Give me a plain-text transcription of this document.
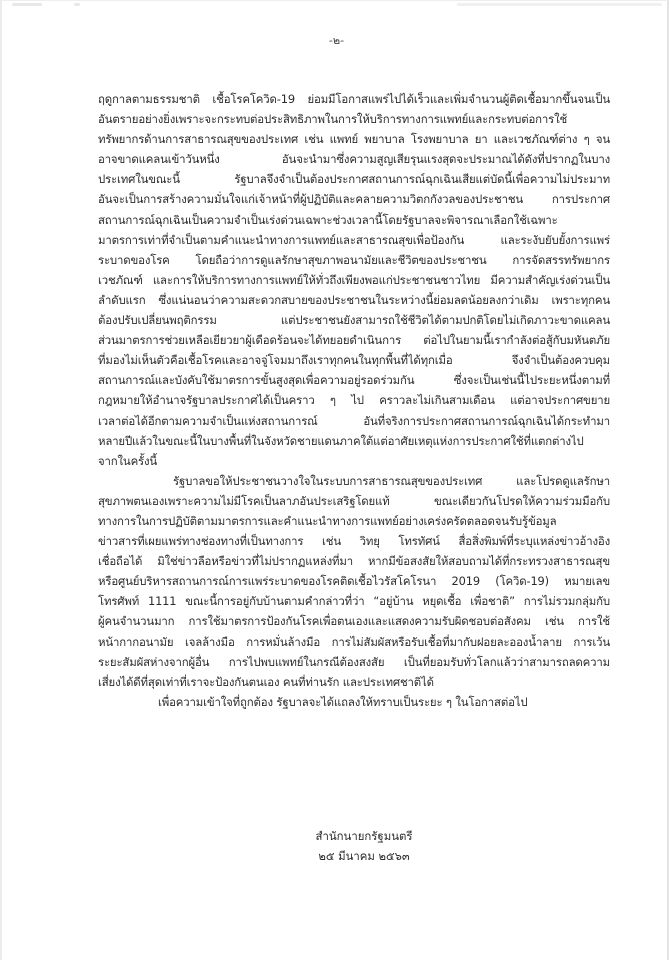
-๒-
ฤดูกาลตามธรรมชาติ เชื้อโรคโควิด-19 ย่อมมีโอกาสแพร่ไปได้เร็วและเพิ่มจำนวนผู้ติดเชื้อมากขึ้นจนเป็น
อันตรายอย่างยิ่งเพราะจะกระทบต่อประสิทธิภาพในการให้บริการทางการแพทย์และกระทบต่อการใช้
ทรัพยากรด้านการสาธารณสุขของประเทศ เช่น แพทย์ พยาบาล โรงพยาบาล ยา และเวชภัณฑ์ต่าง ๆ จน
อาจขาดแคลนเข้าวันหนึ่ง อันจะนำมาซึ่งความสูญเสียรุนแรงสุดจะประมาณได้ดังที่ปรากฏในบาง
ประเทศในขณะนี้ รัฐบาลจึงจำเป็นต้องประกาศสถานการณ์ฉุกเฉินเสียแต่บัดนี้เพื่อความไม่ประมาท
อันจะเป็นการสร้างความมั่นใจแก่เจ้าหน้าที่ผู้ปฏิบัติและคลายความวิตกกังวลของประชาชน การประกาศ
สถานการณ์ฉุกเฉินเป็นความจำเป็นเร่งด่วนเฉพาะช่วงเวลานี้โดยรัฐบาลจะพิจารณาเลือกใช้เฉพาะ
มาตรการเท่าที่จำเป็นตามคำแนะนำทางการแพทย์และสาธารณสุขเพื่อป้องกัน และระงับยับยั้งการแพร่
ระบาดของโรค โดยถือว่าการดูแลรักษาสุขภาพอนามัยและชีวิตของประชาชน การจัดสรรทรัพยากร
เวชภัณฑ์ และการให้บริการทางการแพทย์ให้ทั่วถึงเพียงพอแก่ประชาชนชาวไทย มีความสำคัญเร่งด่วนเป็น
ลำดับแรก ซึ่งแน่นอนว่าความสะดวกสบายของประชาชนในระหว่างนี้ย่อมลดน้อยลงกว่าเดิม เพราะทุกคน
ต้องปรับเปลี่ยนพฤติกรรม แต่ประชาชนยังสามารถใช้ชีวิตได้ตามปกติโดยไม่เกิดภาวะขาดแคลน
ส่วนมาตรการช่วยเหลือเยียวยาผู้เดือดร้อนจะได้ทยอยดำเนินการ ต่อไปในยามนี้เรากำลังต่อสู้กับมหันตภัย
ที่มองไม่เห็นตัวคือเชื้อโรคและอาจจู่โจมมาถึงเราทุกคนในทุกพื้นที่ได้ทุกเมื่อ จึงจำเป็นต้องควบคุม
สถานการณ์และบังคับใช้มาตรการขั้นสูงสุดเพื่อความอยู่รอดร่วมกัน ซึ่งจะเป็นเช่นนี้ไประยะหนึ่งตามที่
กฎหมายให้อำนาจรัฐบาลประกาศได้เป็นคราว ๆ ไป คราวละไม่เกินสามเดือน แต่อาจประกาศขยาย
เวลาต่อได้อีกตามความจำเป็นแห่งสถานการณ์ อันที่จริงการประกาศสถานการณ์ฉุกเฉินได้กระทำมา
หลายปีแล้วในขณะนี้ในบางพื้นที่ในจังหวัดชายแดนภาคใต้แต่อาศัยเหตุแห่งการประกาศใช้ที่แตกต่างไป
จากในครั้งนี้
รัฐบาลขอให้ประชาชนวางใจในระบบการสาธารณสุขของประเทศ และโปรดดูแลรักษา
สุขภาพตนเองเพราะความไม่มีโรคเป็นลาภอันประเสริฐโดยแท้ ขณะเดียวกันโปรดให้ความร่วมมือกับ
ทางการในการปฏิบัติตามมาตรการและคำแนะนำทางการแพทย์อย่างเคร่งครัดตลอดจนรับรู้ข้อมูล
ข่าวสารที่เผยแพร่ทางช่องทางที่เป็นทางการ เช่น วิทยุ โทรทัศน์ สื่อสิ่งพิมพ์ที่ระบุแหล่งข่าวอ้างอิง
เชื่อถือได้ มิใช่ข่าวลือหรือข่าวที่ไม่ปรากฏแหล่งที่มา หากมีข้อสงสัยให้สอบถามได้ที่กระทรวงสาธารณสุข
หรือศูนย์บริหารสถานการณ์การแพร่ระบาดของโรคติดเชื้อไวรัสโคโรนา 2019 (โควิด-19) หมายเลข
โทรศัพท์ 1111 ขณะนี้การอยู่กับบ้านตามคำกล่าวที่ว่า “อยู่บ้าน หยุดเชื้อ เพื่อชาติ” การไม่รวมกลุ่มกับ
ผู้คนจำนวนมาก การใช้มาตรการป้องกันโรคเพื่อตนเองและแสดงความรับผิดชอบต่อสังคม เช่น การใช้
หน้ากากอนามัย เจลล้างมือ การหมั่นล้างมือ การไม่สัมผัสหรือรับเชื้อที่มากับฝอยละอองน้ำลาย การเว้น
ระยะสัมผัสห่างจากผู้อื่น การไปพบแพทย์ในกรณีต้องสงสัย เป็นที่ยอมรับทั่วโลกแล้วว่าสามารถลดความ
เสี่ยงได้ดีที่สุดเท่าที่เราจะป้องกันตนเอง คนที่ท่านรัก และประเทศชาติได้
เพื่อความเข้าใจที่ถูกต้อง รัฐบาลจะได้แถลงให้ทราบเป็นระยะ ๆ ในโอกาสต่อไป
สำนักนายกรัฐมนตรี
๒๕ มีนาคม ๒๕๖๓
